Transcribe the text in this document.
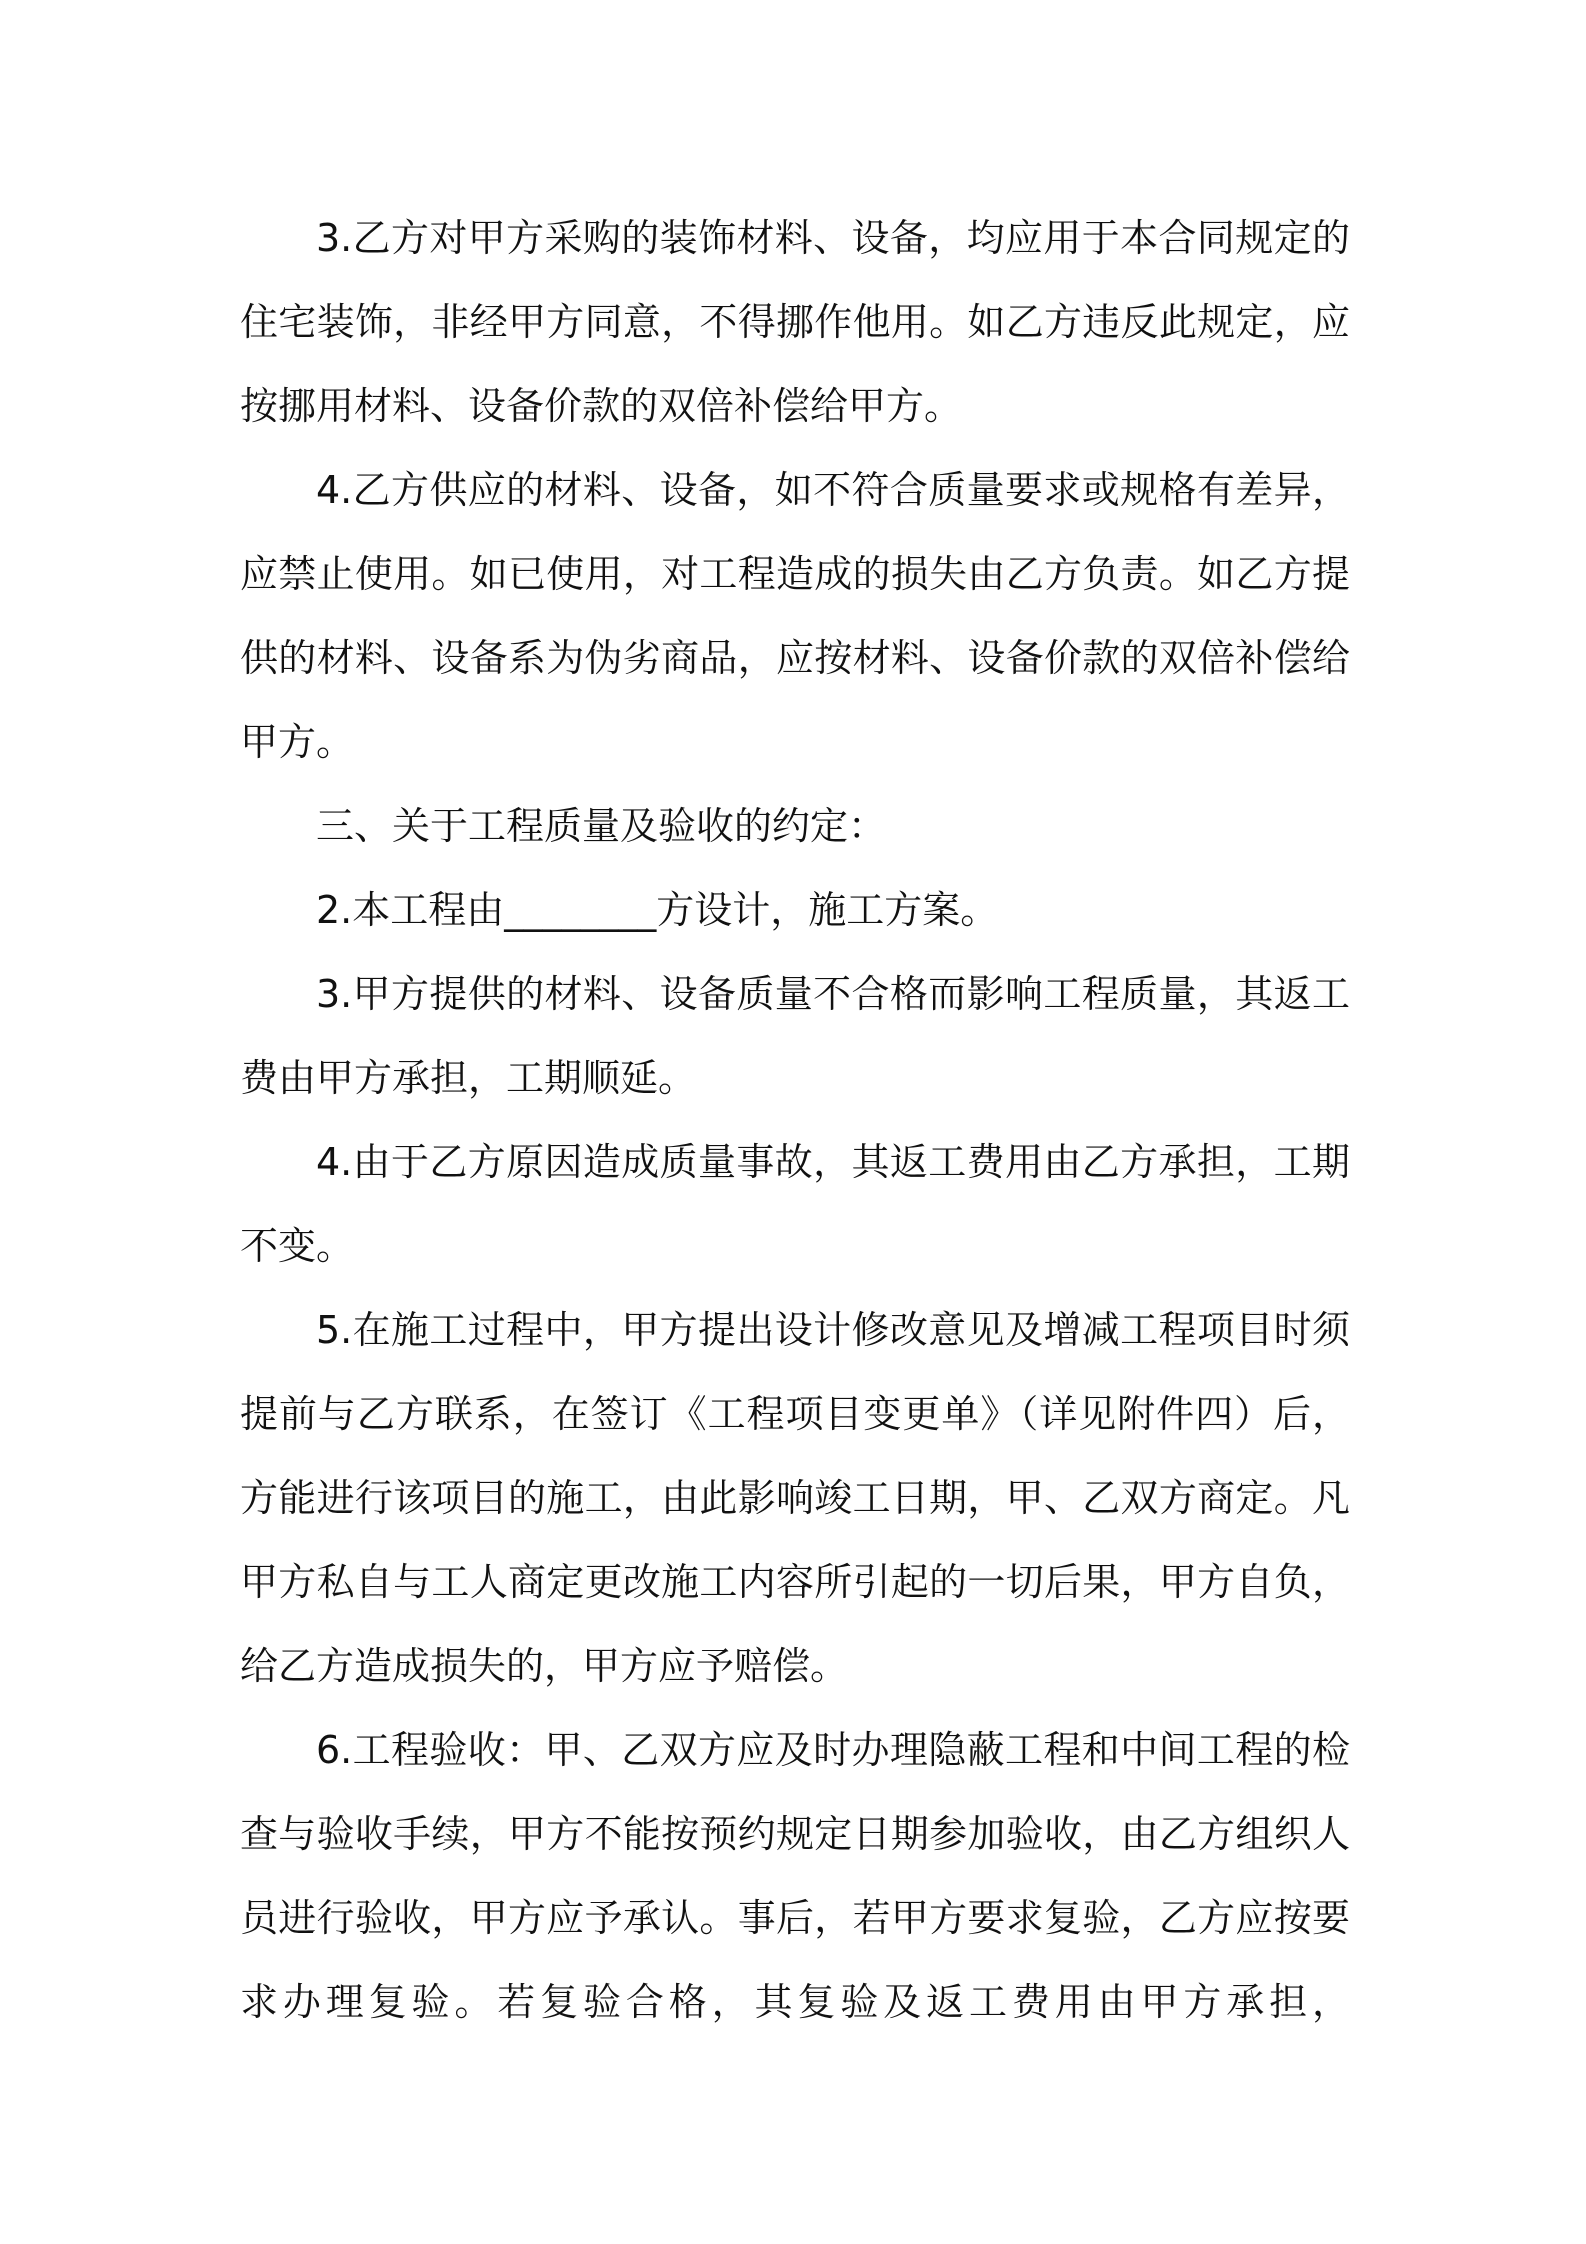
3.乙方对甲方采购的装饰材料、设备，均应用于本合同规定的住宅装饰，非经甲方同意，不得挪作他用。如乙方违反此规定，应按挪用材料、设备价款的双倍补偿给甲方。

4.乙方供应的材料、设备，如不符合质量要求或规格有差异，应禁止使用。如已使用，对工程造成的损失由乙方负责。如乙方提供的材料、设备系为伪劣商品，应按材料、设备价款的双倍补偿给甲方。

三、关于工程质量及验收的约定：

2.本工程由________方设计，施工方案。

3.甲方提供的材料、设备质量不合格而影响工程质量，其返工费由甲方承担，工期顺延。

4.由于乙方原因造成质量事故，其返工费用由乙方承担，工期不变。

5.在施工过程中，甲方提出设计修改意见及增减工程项目时须提前与乙方联系，在签订《工程项目变更单》（详见附件四）后，方能进行该项目的施工，由此影响竣工日期，甲、乙双方商定。凡甲方私自与工人商定更改施工内容所引起的一切后果，甲方自负，给乙方造成损失的，甲方应予赔偿。

6.工程验收：甲、乙双方应及时办理隐蔽工程和中间工程的检查与验收手续，甲方不能按预约规定日期参加验收，由乙方组织人员进行验收，甲方应予承认。事后，若甲方要求复验，乙方应按要求办理复验。若复验合格，其复验及返工费用由甲方承担，
